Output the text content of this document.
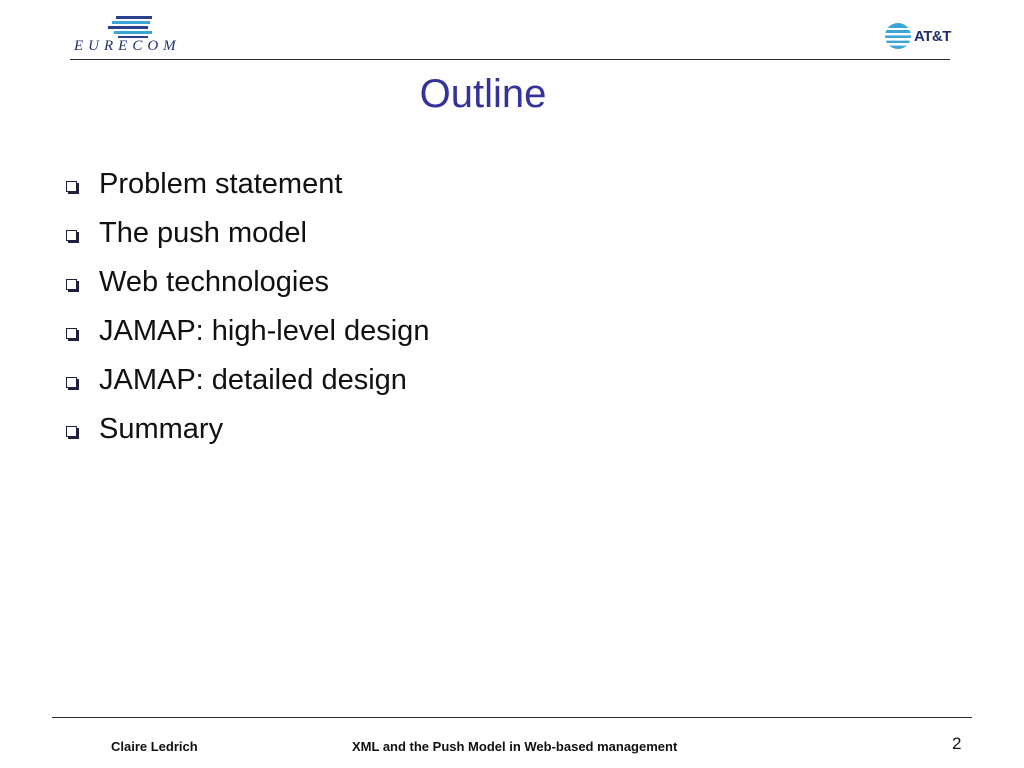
EURECOM
AT&T
Outline
Problem statement
The push model
Web technologies
JAMAP: high-level design
JAMAP: detailed design
Summary
Claire Ledrich	XML and the Push Model in Web-based management	2
